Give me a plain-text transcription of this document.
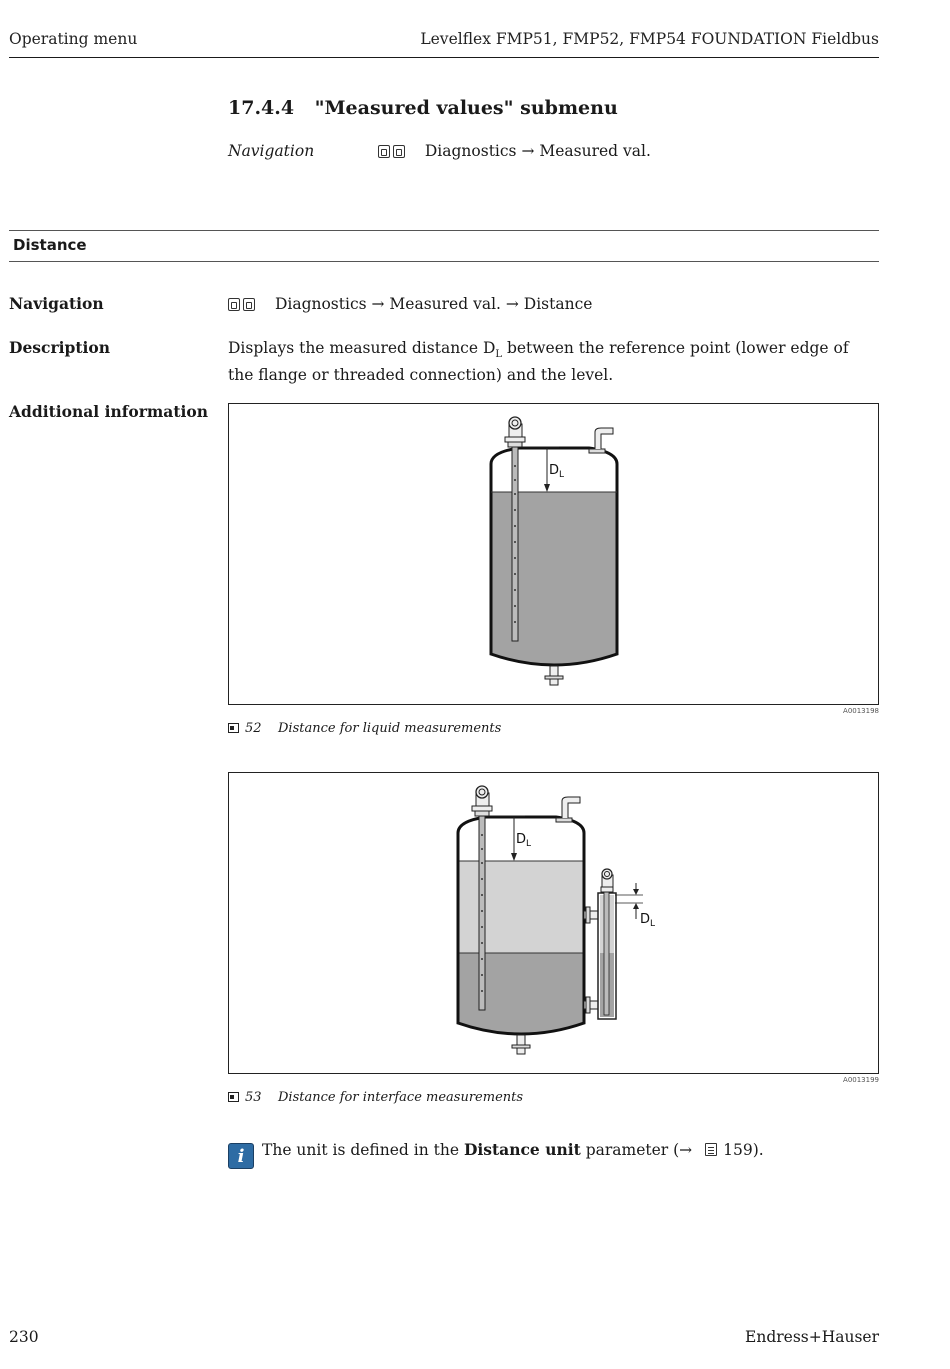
Operating menu	Levelflex FMP51, FMP52, FMP54 FOUNDATION Fieldbus
17.4.4 "Measured values" submenu
Navigation	Diagnostics → Measured val.
Distance
Navigation	Diagnostics → Measured val. → Distance
Description	Displays the measured distance $D_L$ between the reference point (lower edge of the flange or threaded connection) and the level.
Additional information
$D_L$
A0013198
52 Distance for liquid measurements
$D_L$
$D_L$
A0013199
53 Distance for interface measurements
i	The unit is defined in the Distance unit parameter (→ 159).
230	Endress+Hauser
